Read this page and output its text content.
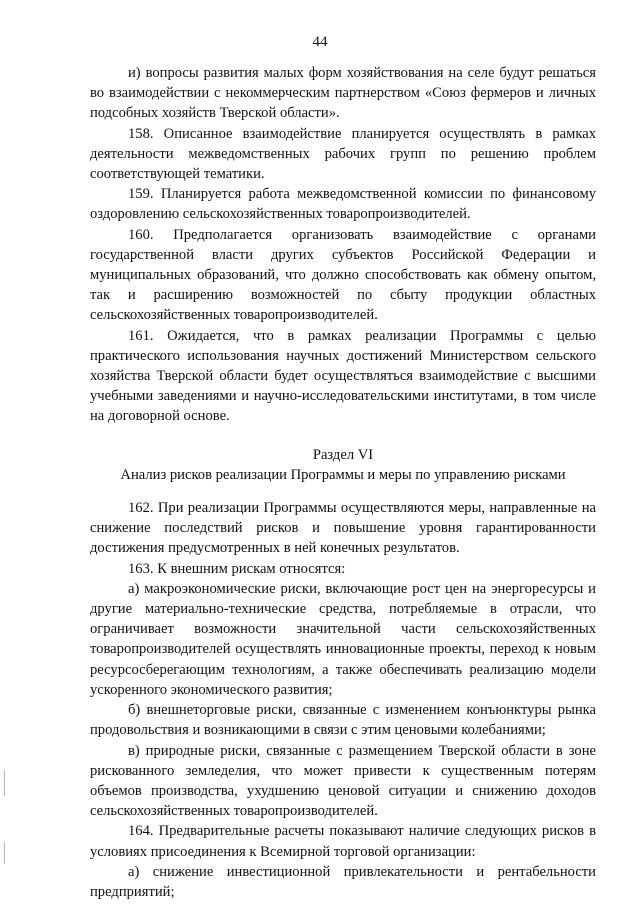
44

и) вопросы развития малых форм хозяйствования на селе будут решаться во взаимодействии с некоммерческим партнерством «Союз фермеров и личных подсобных хозяйств Тверской области».

158. Описанное взаимодействие планируется осуществлять в рамках деятельности межведомственных рабочих групп по решению проблем соответствующей тематики.

159. Планируется работа межведомственной комиссии по финансовому оздоровлению сельскохозяйственных товаропроизводителей.

160. Предполагается организовать взаимодействие с органами государственной власти других субъектов Российской Федерации и муниципальных образований, что должно способствовать как обмену опытом, так и расширению возможностей по сбыту продукции областных сельскохозяйственных товаропроизводителей.

161. Ожидается, что в рамках реализации Программы с целью практического использования научных достижений Министерством сельского хозяйства Тверской области будет осуществляться взаимодействие с высшими учебными заведениями и научно-исследовательскими институтами, в том числе на договорной основе.

Раздел VI

Анализ рисков реализации Программы и меры по управлению рисками

162. При реализации Программы осуществляются меры, направленные на снижение последствий рисков и повышение уровня гарантированности достижения предусмотренных в ней конечных результатов.

163. К внешним рискам относятся:

а) макроэкономические риски, включающие рост цен на энергоресурсы и другие материально-технические средства, потребляемые в отрасли, что ограничивает возможности значительной части сельскохозяйственных товаропроизводителей осуществлять инновационные проекты, переход к новым ресурсосберегающим технологиям, а также обеспечивать реализацию модели ускоренного экономического развития;

б) внешнеторговые риски, связанные с изменением конъюнктуры рынка продовольствия и возникающими в связи с этим ценовыми колебаниями;

в) природные риски, связанные с размещением Тверской области в зоне рискованного земледелия, что может привести к существенным потерям объемов производства, ухудшению ценовой ситуации и снижению доходов сельскохозяйственных товаропроизводителей.

164. Предварительные расчеты показывают наличие следующих рисков в условиях присоединения к Всемирной торговой организации:

а) снижение инвестиционной привлекательности и рентабельности предприятий;
